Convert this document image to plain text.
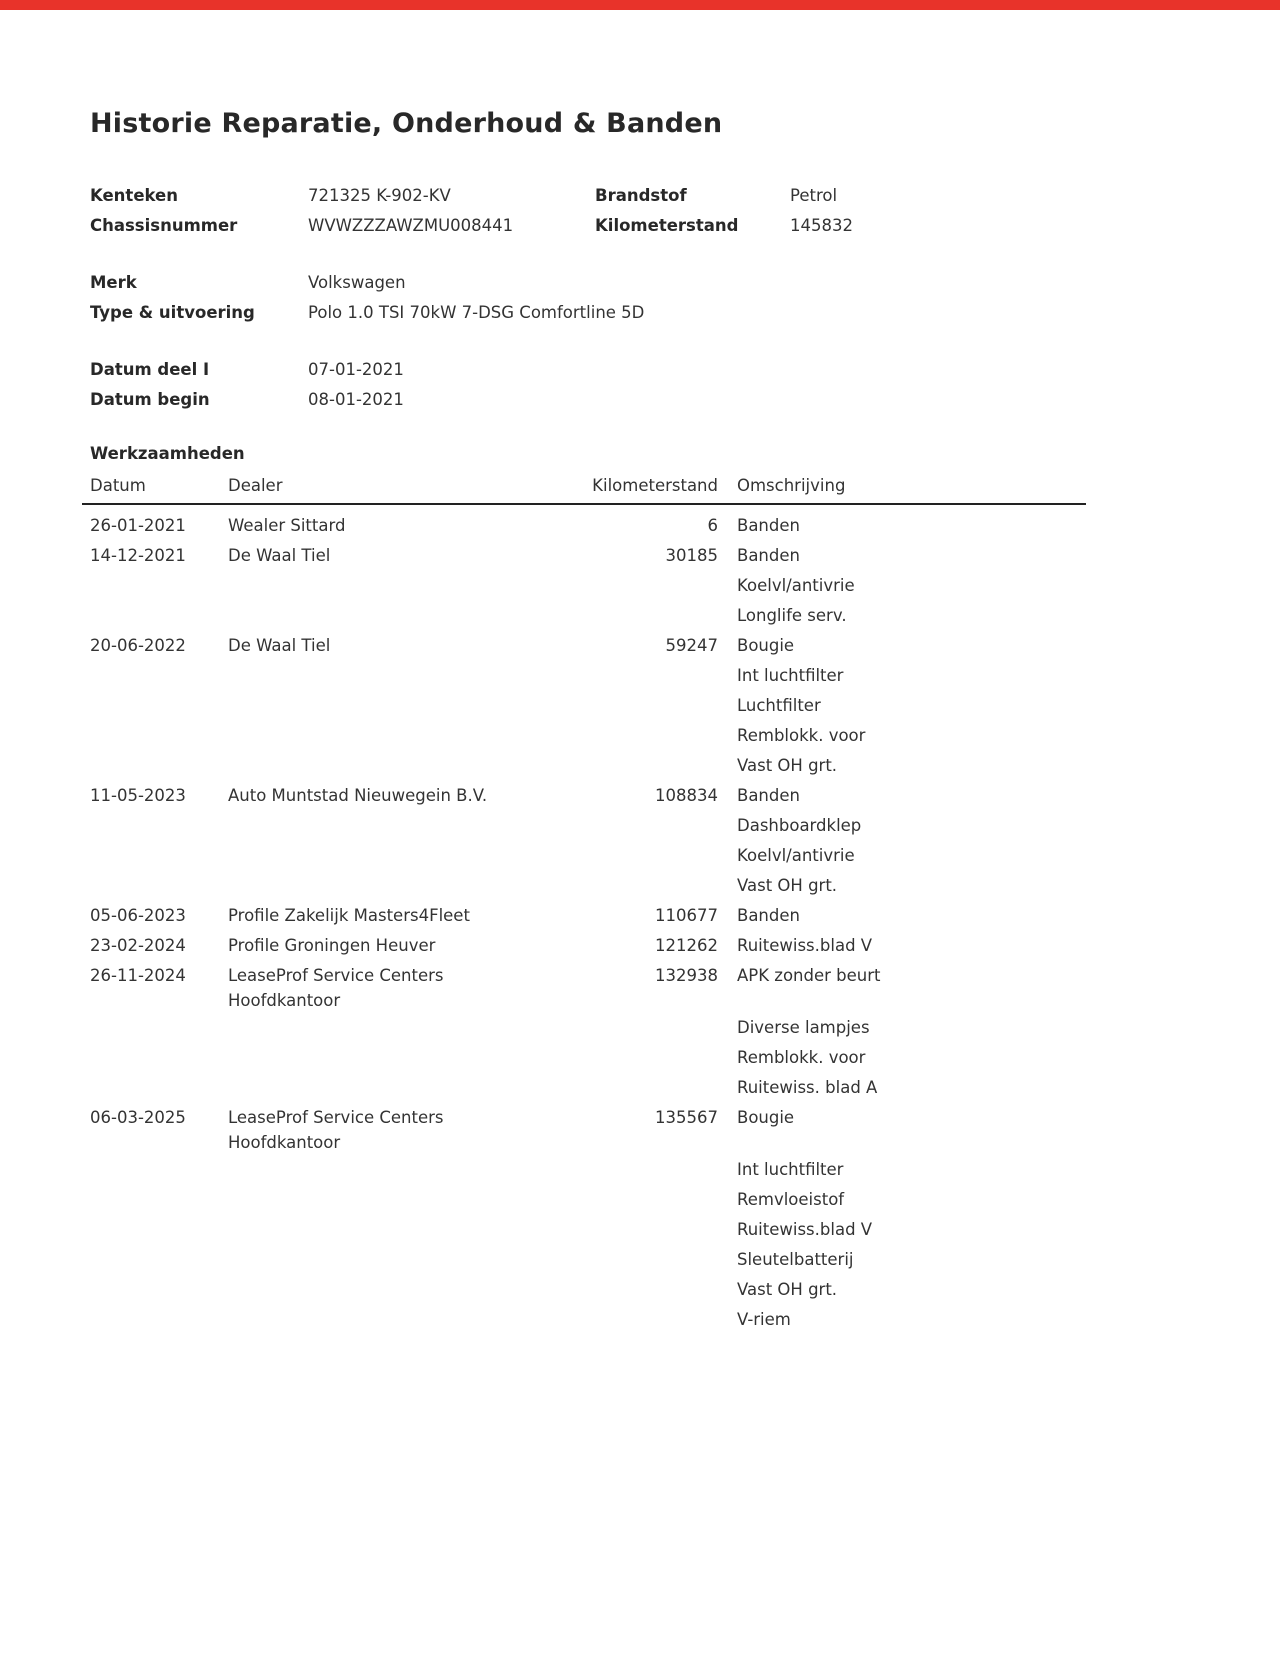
Historie Reparatie, Onderhoud & Banden
Kenteken	721325 K-902-KV	Brandstof	Petrol
Chassisnummer	WVWZZZAWZMU008441	Kilometerstand	145832
Merk	Volkswagen
Type & uitvoering	Polo 1.0 TSI 70kW 7-DSG Comfortline 5D
Datum deel I	07-01-2021
Datum begin	08-01-2021
Werkzaamheden
Datum	Dealer	Kilometerstand	Omschrijving
26-01-2021	Wealer Sittard	6 Banden
14-12-2021	De Waal Tiel	30185 Banden
Koelvl/antivrie
Longlife serv.
20-06-2022	De Waal Tiel	59247 Bougie
Int luchtfilter
Luchtfilter
Remblokk. voor
Vast OH grt.
11-05-2023	Auto Muntstad Nieuwegein B.V.	108834 Banden
Dashboardklep
Koelvl/antivrie
Vast OH grt.
05-06-2023	Profile Zakelijk Masters4Fleet	110677 Banden
23-02-2024	Profile Groningen Heuver	121262 Ruitewiss.blad V
26-11-2024	LeaseProf Service Centers
Hoofdkantoor
132938 APK zonder beurt
Diverse lampjes
Remblokk. voor
Ruitewiss. blad A
06-03-2025	LeaseProf Service Centers
Hoofdkantoor
135567 Bougie
Int luchtfilter
Remvloeistof
Ruitewiss.blad V
Sleutelbatterij
Vast OH grt.
V-riem
